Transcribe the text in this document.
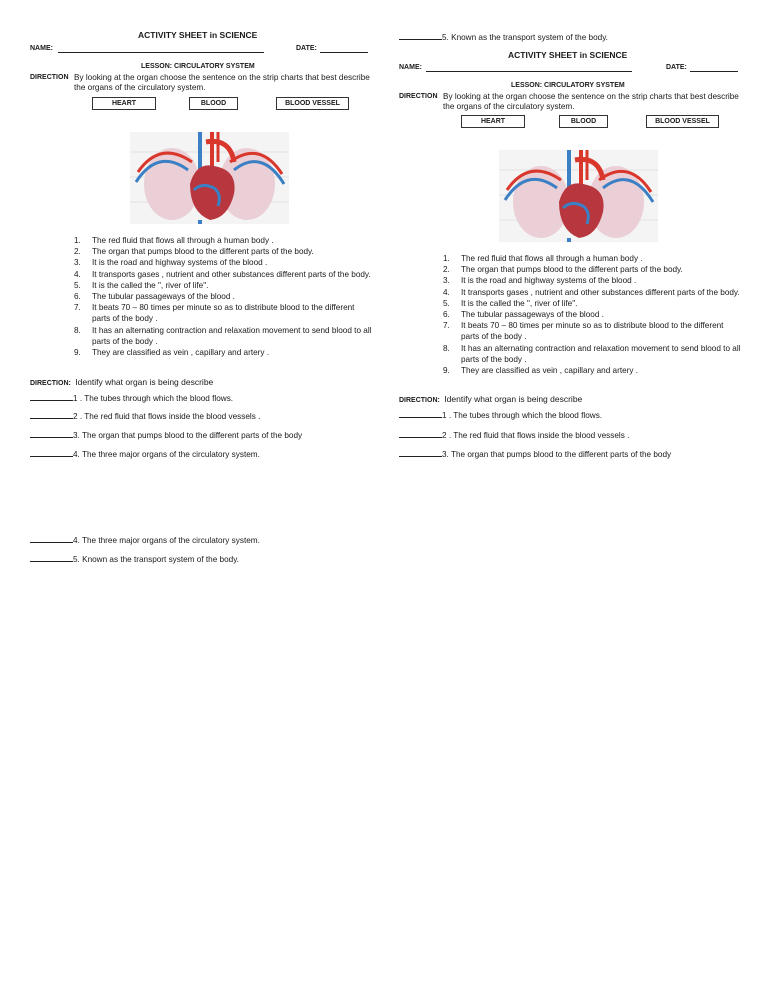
ACTIVITY SHEET in SCIENCE
NAME:	DATE:
LESSON: CIRCULATORY SYSTEM
DIRECTION By looking at the organ choose the sentence on the strip charts that best describe the organs of the circulatory system.
HEART	BLOOD	BLOOD VESSEL
1. The red fluid that flows all through a human body .
2. The organ that pumps blood to the different parts of the body.
3. It is the road and highway systems of the blood .
4. It transports gases , nutrient and other substances different parts of the body.
5. It is the called the ", river of life".
6. The tubular passageways of the blood .
7. It beats 70 – 80 times per minute so as to distribute blood to the different parts of the body .
8. It has an alternating contraction and relaxation movement to send blood to all parts of the body .
9. They are classified as vein , capillary and artery .
DIRECTION: Identify what organ is being describe
1 . The tubes through which the blood flows.
2 . The red fluid that flows inside the blood vessels .
3. The organ that pumps blood to the different parts of the body
4. The three major organs of the circulatory system.
4. The three major organs of the circulatory system.
5. Known as the transport system of the body.
5. Known as the transport system of the body.
ACTIVITY SHEET in SCIENCE
NAME:	DATE:
LESSON: CIRCULATORY SYSTEM
DIRECTION By looking at the organ choose the sentence on the strip charts that best describe the organs of the circulatory system.
HEART	BLOOD	BLOOD VESSEL
1. The red fluid that flows all through a human body .
2. The organ that pumps blood to the different parts of the body.
3. It is the road and highway systems of the blood .
4. It transports gases , nutrient and other substances different parts of the body.
5. It is the called the ", river of life".
6. The tubular passageways of the blood .
7. It beats 70 – 80 times per minute so as to distribute blood to the different parts of the body .
8. It has an alternating contraction and relaxation movement to send blood to all parts of the body .
9. They are classified as vein , capillary and artery .
DIRECTION: Identify what organ is being describe
1 . The tubes through which the blood flows.
2 . The red fluid that flows inside the blood vessels .
3. The organ that pumps blood to the different parts of the body
